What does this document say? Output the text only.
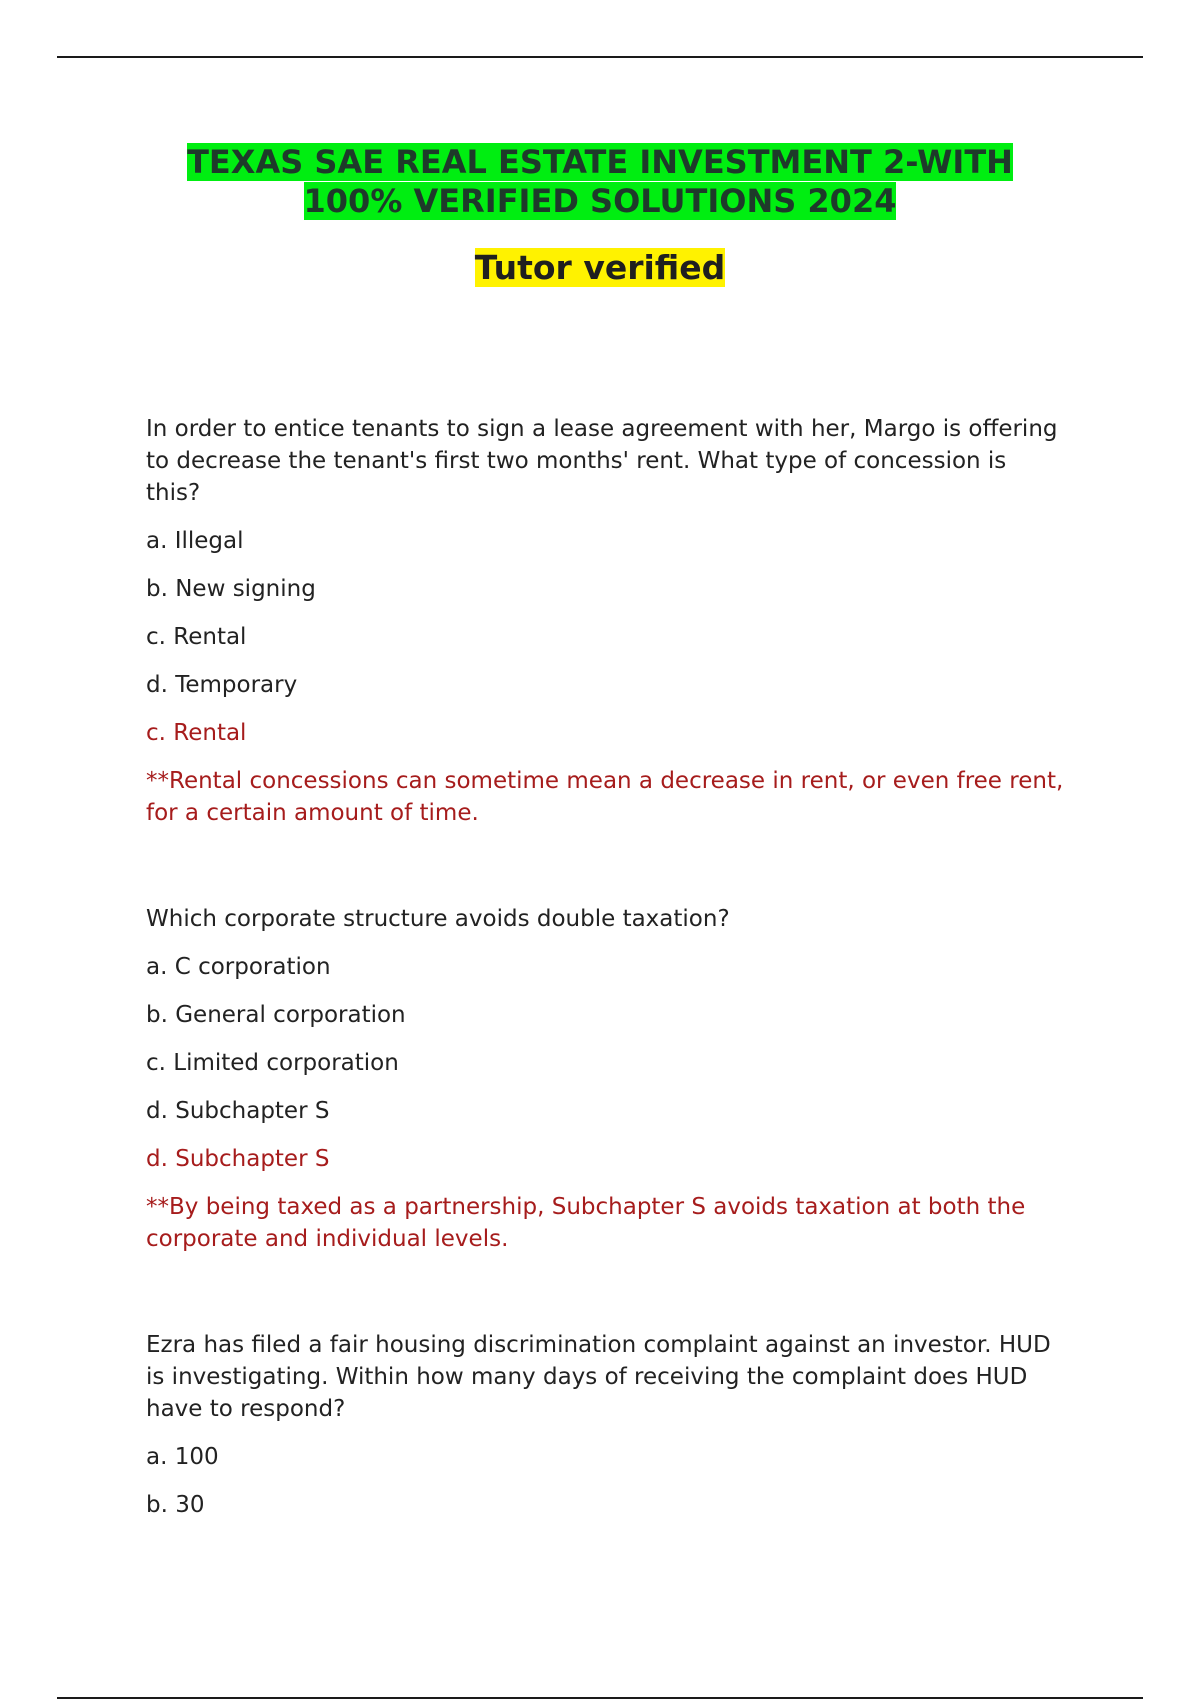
TEXAS SAE REAL ESTATE INVESTMENT 2-WITH
100% VERIFIED SOLUTIONS 2024

Tutor verified

In order to entice tenants to sign a lease agreement with her, Margo is offering to decrease the tenant's first two months' rent. What type of concession is this?

a. Illegal

b. New signing

c. Rental

d. Temporary

c. Rental

**Rental concessions can sometime mean a decrease in rent, or even free rent, for a certain amount of time.

Which corporate structure avoids double taxation?

a. C corporation

b. General corporation

c. Limited corporation

d. Subchapter S

d. Subchapter S

**By being taxed as a partnership, Subchapter S avoids taxation at both the corporate and individual levels.

Ezra has filed a fair housing discrimination complaint against an investor. HUD is investigating. Within how many days of receiving the complaint does HUD have to respond?

a. 100

b. 30
